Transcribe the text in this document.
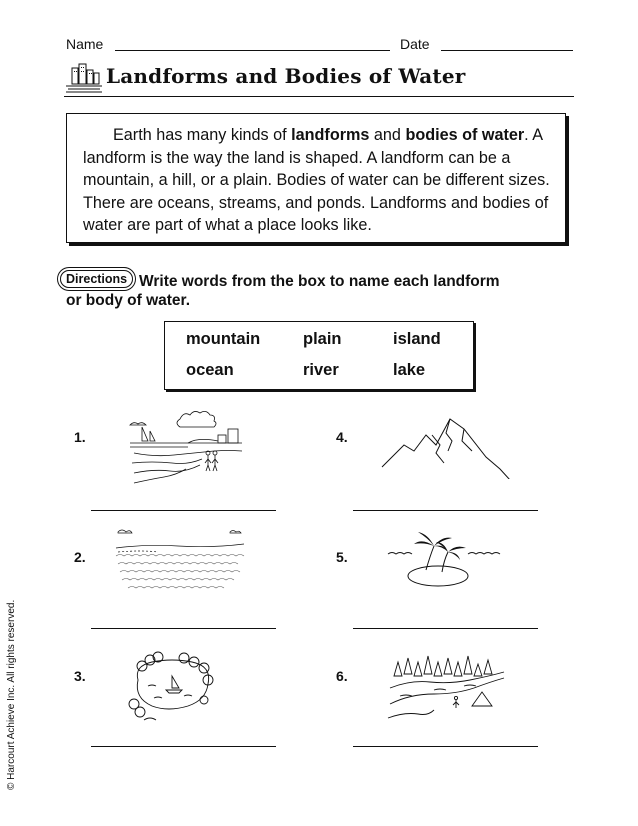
Name	Date
Landforms and Bodies of Water

Earth has many kinds of landforms and bodies of water. A landform is the way the land is shaped. A landform can be a mountain, a hill, or a plain. Bodies of water can be different sizes. There are oceans, streams, and ponds. Landforms and bodies of water are part of what a place looks like.

Directions Write words from the box to name each landform
or body of water.
mountain	plain	island
ocean	river	lake
1.
2.
3.
4.
5.
6.
© Harcourt Achieve Inc. All rights reserved.
